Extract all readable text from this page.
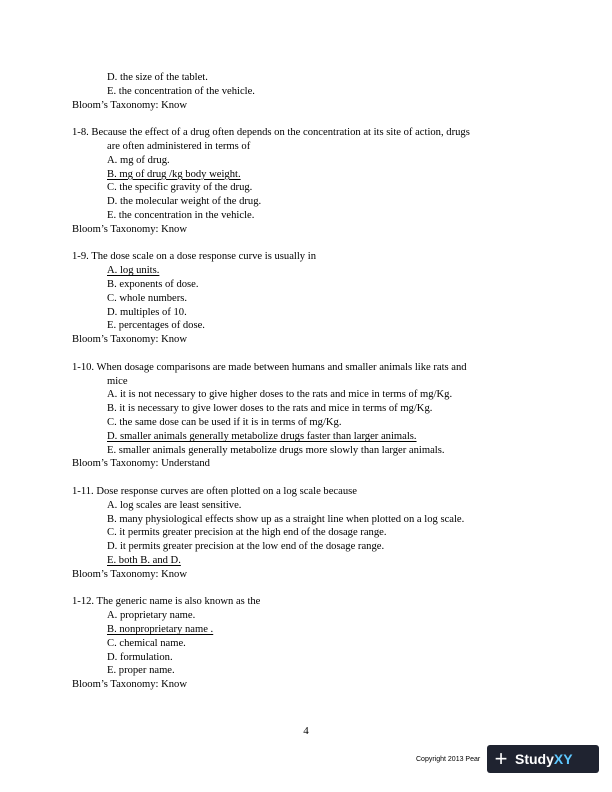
D. the size of the tablet.
E. the concentration of the vehicle.
Bloom’s Taxonomy: Know
1-8. Because the effect of a drug often depends on the concentration at its site of action, drugs
are often administered in terms of
A. mg of drug.
B. mg of drug /kg body weight.
C. the specific gravity of the drug.
D. the molecular weight of the drug.
E. the concentration in the vehicle.
Bloom’s Taxonomy: Know
1-9. The dose scale on a dose response curve is usually in
A. log units.
B. exponents of dose.
C. whole numbers.
D. multiples of 10.
E. percentages of dose.
Bloom’s Taxonomy: Know
1-10. When dosage comparisons are made between humans and smaller animals like rats and
mice
A. it is not necessary to give higher doses to the rats and mice in terms of mg/Kg.
B. it is necessary to give lower doses to the rats and mice in terms of mg/Kg.
C. the same dose can be used if it is in terms of mg/Kg.
D. smaller animals generally metabolize drugs faster than larger animals.
E. smaller animals generally metabolize drugs more slowly than larger animals.
Bloom’s Taxonomy: Understand
1-11. Dose response curves are often plotted on a log scale because
A. log scales are least sensitive.
B. many physiological effects show up as a straight line when plotted on a log scale.
C. it permits greater precision at the high end of the dosage range.
D. it permits greater precision at the low end of the dosage range.
E. both B. and D.
Bloom’s Taxonomy: Know
1-12. The generic name is also known as the
A. proprietary name.
B. nonproprietary name .
C. chemical name.
D. formulation.
E. proper name.
Bloom’s Taxonomy: Know
4
Copyright 2013 Pear + StudyXY
